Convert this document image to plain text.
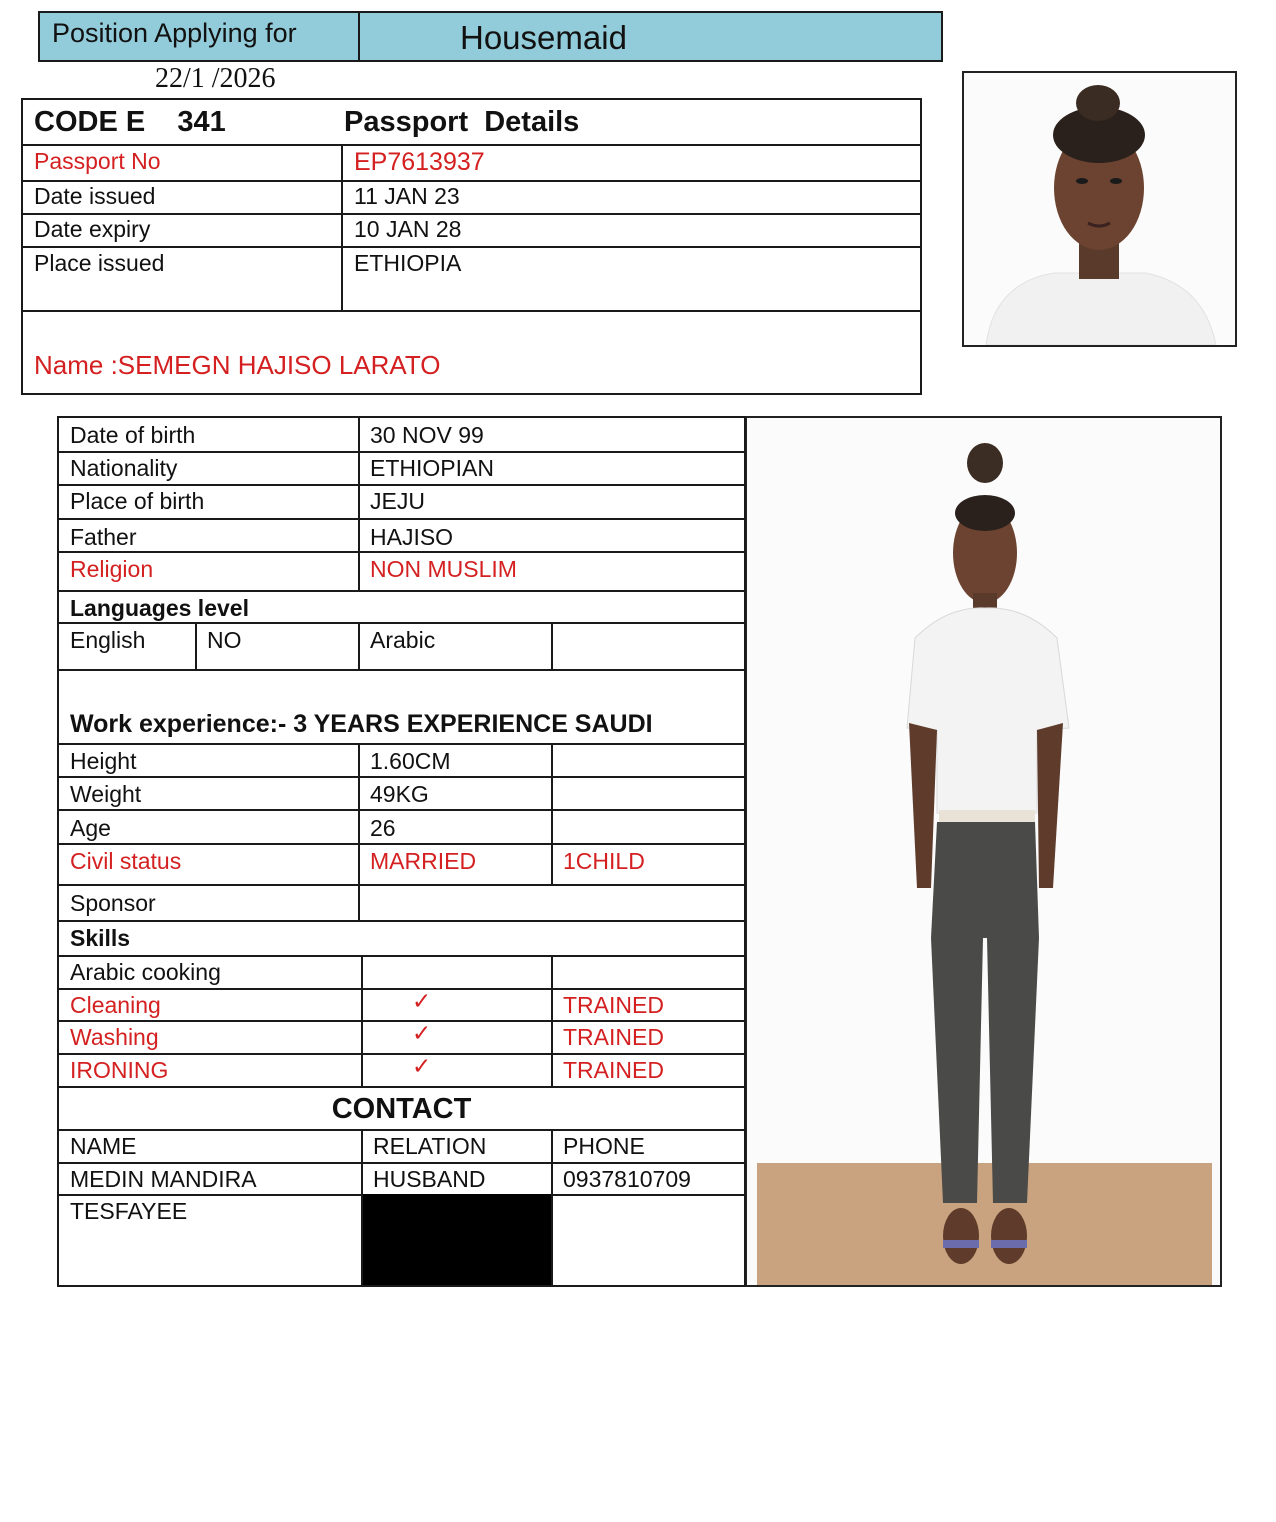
Position Applying for	Housemaid
22/1 /2026
CODE E    341	Passport  Details
Passport No	EP7613937
Date issued	11 JAN 23
Date expiry	10 JAN 28
Place issued	ETHIOPIA
Name :SEMEGN HAJISO LARATO
Date of birth	30 NOV 99
Nationality	ETHIOPIAN
Place of birth	JEJU
Father	HAJISO
Religion	NON MUSLIM
Languages level
English	NO	Arabic
Work experience:- 3 YEARS EXPERIENCE SAUDI
Height	1.60CM
Weight	49KG
Age	26
Civil status	MARRIED	1CHILD
Sponsor
Skills
Arabic cooking
Cleaning	✓	TRAINED
Washing	✓	TRAINED
IRONING	✓	TRAINED
CONTACT
NAME	RELATION	PHONE
MEDIN MANDIRA	HUSBAND	0937810709
TESFAYEE
